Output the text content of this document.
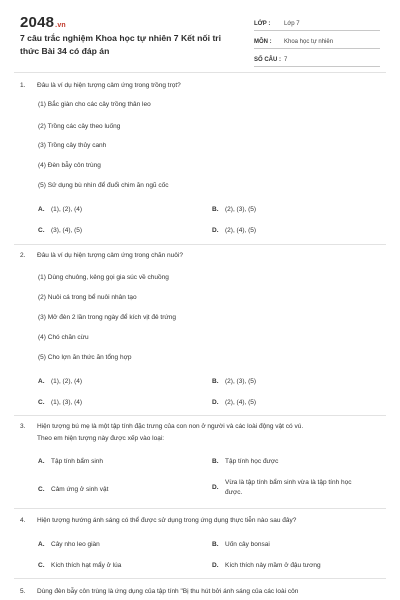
2048.vn
7 câu trắc nghiệm Khoa học tự nhiên 7 Kết nối tri thức Bài 34 có đáp án
LỚP :	Lớp 7
MÔN :	Khoa học tự nhiên
SỐ CÂU : 7
1. Đâu là ví dụ hiện tượng cảm ứng trong trồng trọt?
(1) Bắc giàn cho các cây trồng thân leo
(2) Trồng các cây theo luống
(3) Trồng cây thủy canh
(4) Đèn bẫy côn trùng
(5) Sử dụng bù nhìn để đuổi chim ăn ngũ cốc
A.	(1), (2), (4)	B.	(2), (3), (5)
C.	(3), (4), (5)	D.	(2), (4), (5)
2. Đâu là ví dụ hiện tượng cảm ứng trong chăn nuôi?
(1) Dùng chuông, kẻng gọi gia súc về chuồng
(2) Nuôi cá trong bể nuôi nhân tạo
(3) Mở đèn 2 lần trong ngày để kích vịt đẻ trứng
(4) Chó chăn cừu
(5) Cho lợn ăn thức ăn tổng hợp
A.	(1), (2), (4)	B.	(2), (3), (5)
C.	(1), (3), (4)	D.	(2), (4), (5)
3. Hiện tượng bú mẹ là một tập tính đặc trưng của con non ở người và các loài động vật có vú.
Theo em hiện tượng này được xếp vào loại:
A.	Tập tính bẩm sinh	B.	Tập tính học được
C.	Cảm ứng ở sinh vật	D.
Vừa là tập tính bẩm sinh vừa là tập tính học được.
4. Hiện tượng hướng ánh sáng có thể được sử dụng trong ứng dụng thực tiễn nào sau đây?
A.	Cây nho leo giàn	B.	Uốn cây bonsai
C.	Kích thích hạt mẩy ở lúa	D.	Kích thích nảy mầm ở đậu tương
5. Dùng đèn bẫy côn trùng là ứng dụng của tập tính "Bị thu hút bởi ánh sáng của các loài côn
